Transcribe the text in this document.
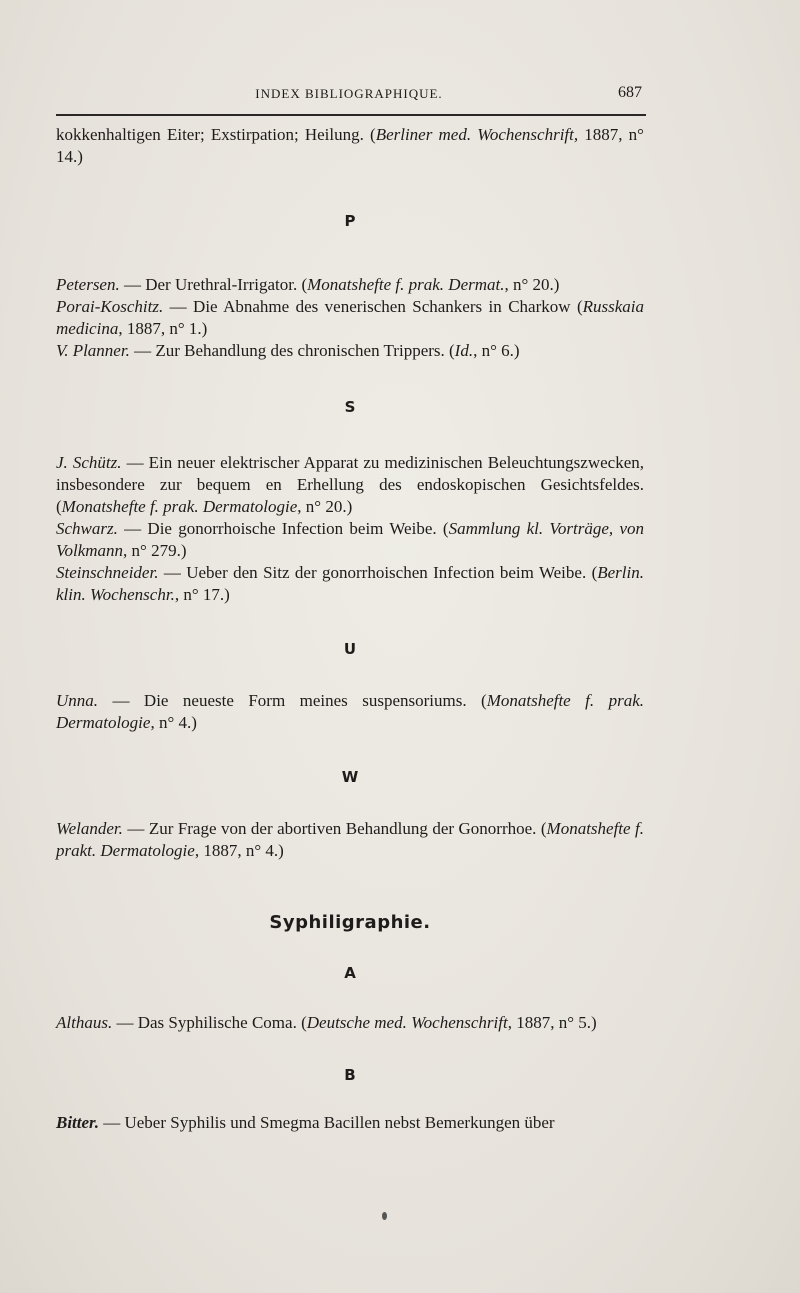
INDEX BIBLIOGRAPHIQUE.	687

kokkenhaltigen Eiter; Exstirpation; Heilung. (Berliner med. Wochenschrift, 1887, n° 14.)

P

Petersen. — Der Urethral-Irrigator. (Monatshefte f. prak. Dermat., n° 20.)

Porai-Koschitz. — Die Abnahme des venerischen Schankers in Charkow (Russkaia medicina, 1887, n° 1.)

V. Planner. — Zur Behandlung des chronischen Trippers. (Id., n° 6.)

S

J. Schütz. — Ein neuer elektrischer Apparat zu medizinischen Beleuchtungszwecken, insbesondere zur bequem en Erhellung des endoskopischen Gesichtsfeldes. (Monatshefte f. prak. Dermatologie, n° 20.)

Schwarz. — Die gonorrhoische Infection beim Weibe. (Sammlung kl. Vorträge, von Volkmann, n° 279.)

Steinschneider. — Ueber den Sitz der gonorrhoischen Infection beim Weibe. (Berlin. klin. Wochenschr., n° 17.)

U

Unna. — Die neueste Form meines suspensoriums. (Monatshefte f. prak. Dermatologie, n° 4.)

W

Welander. — Zur Frage von der abortiven Behandlung der Gonorrhoe. (Monatshefte f. prakt. Dermatologie, 1887, n° 4.)

Syphiligraphie.
A

Althaus. — Das Syphilische Coma. (Deutsche med. Wochenschrift, 1887, n° 5.)

B

Bitter. — Ueber Syphilis und Smegma Bacillen nebst Bemerkungen über
